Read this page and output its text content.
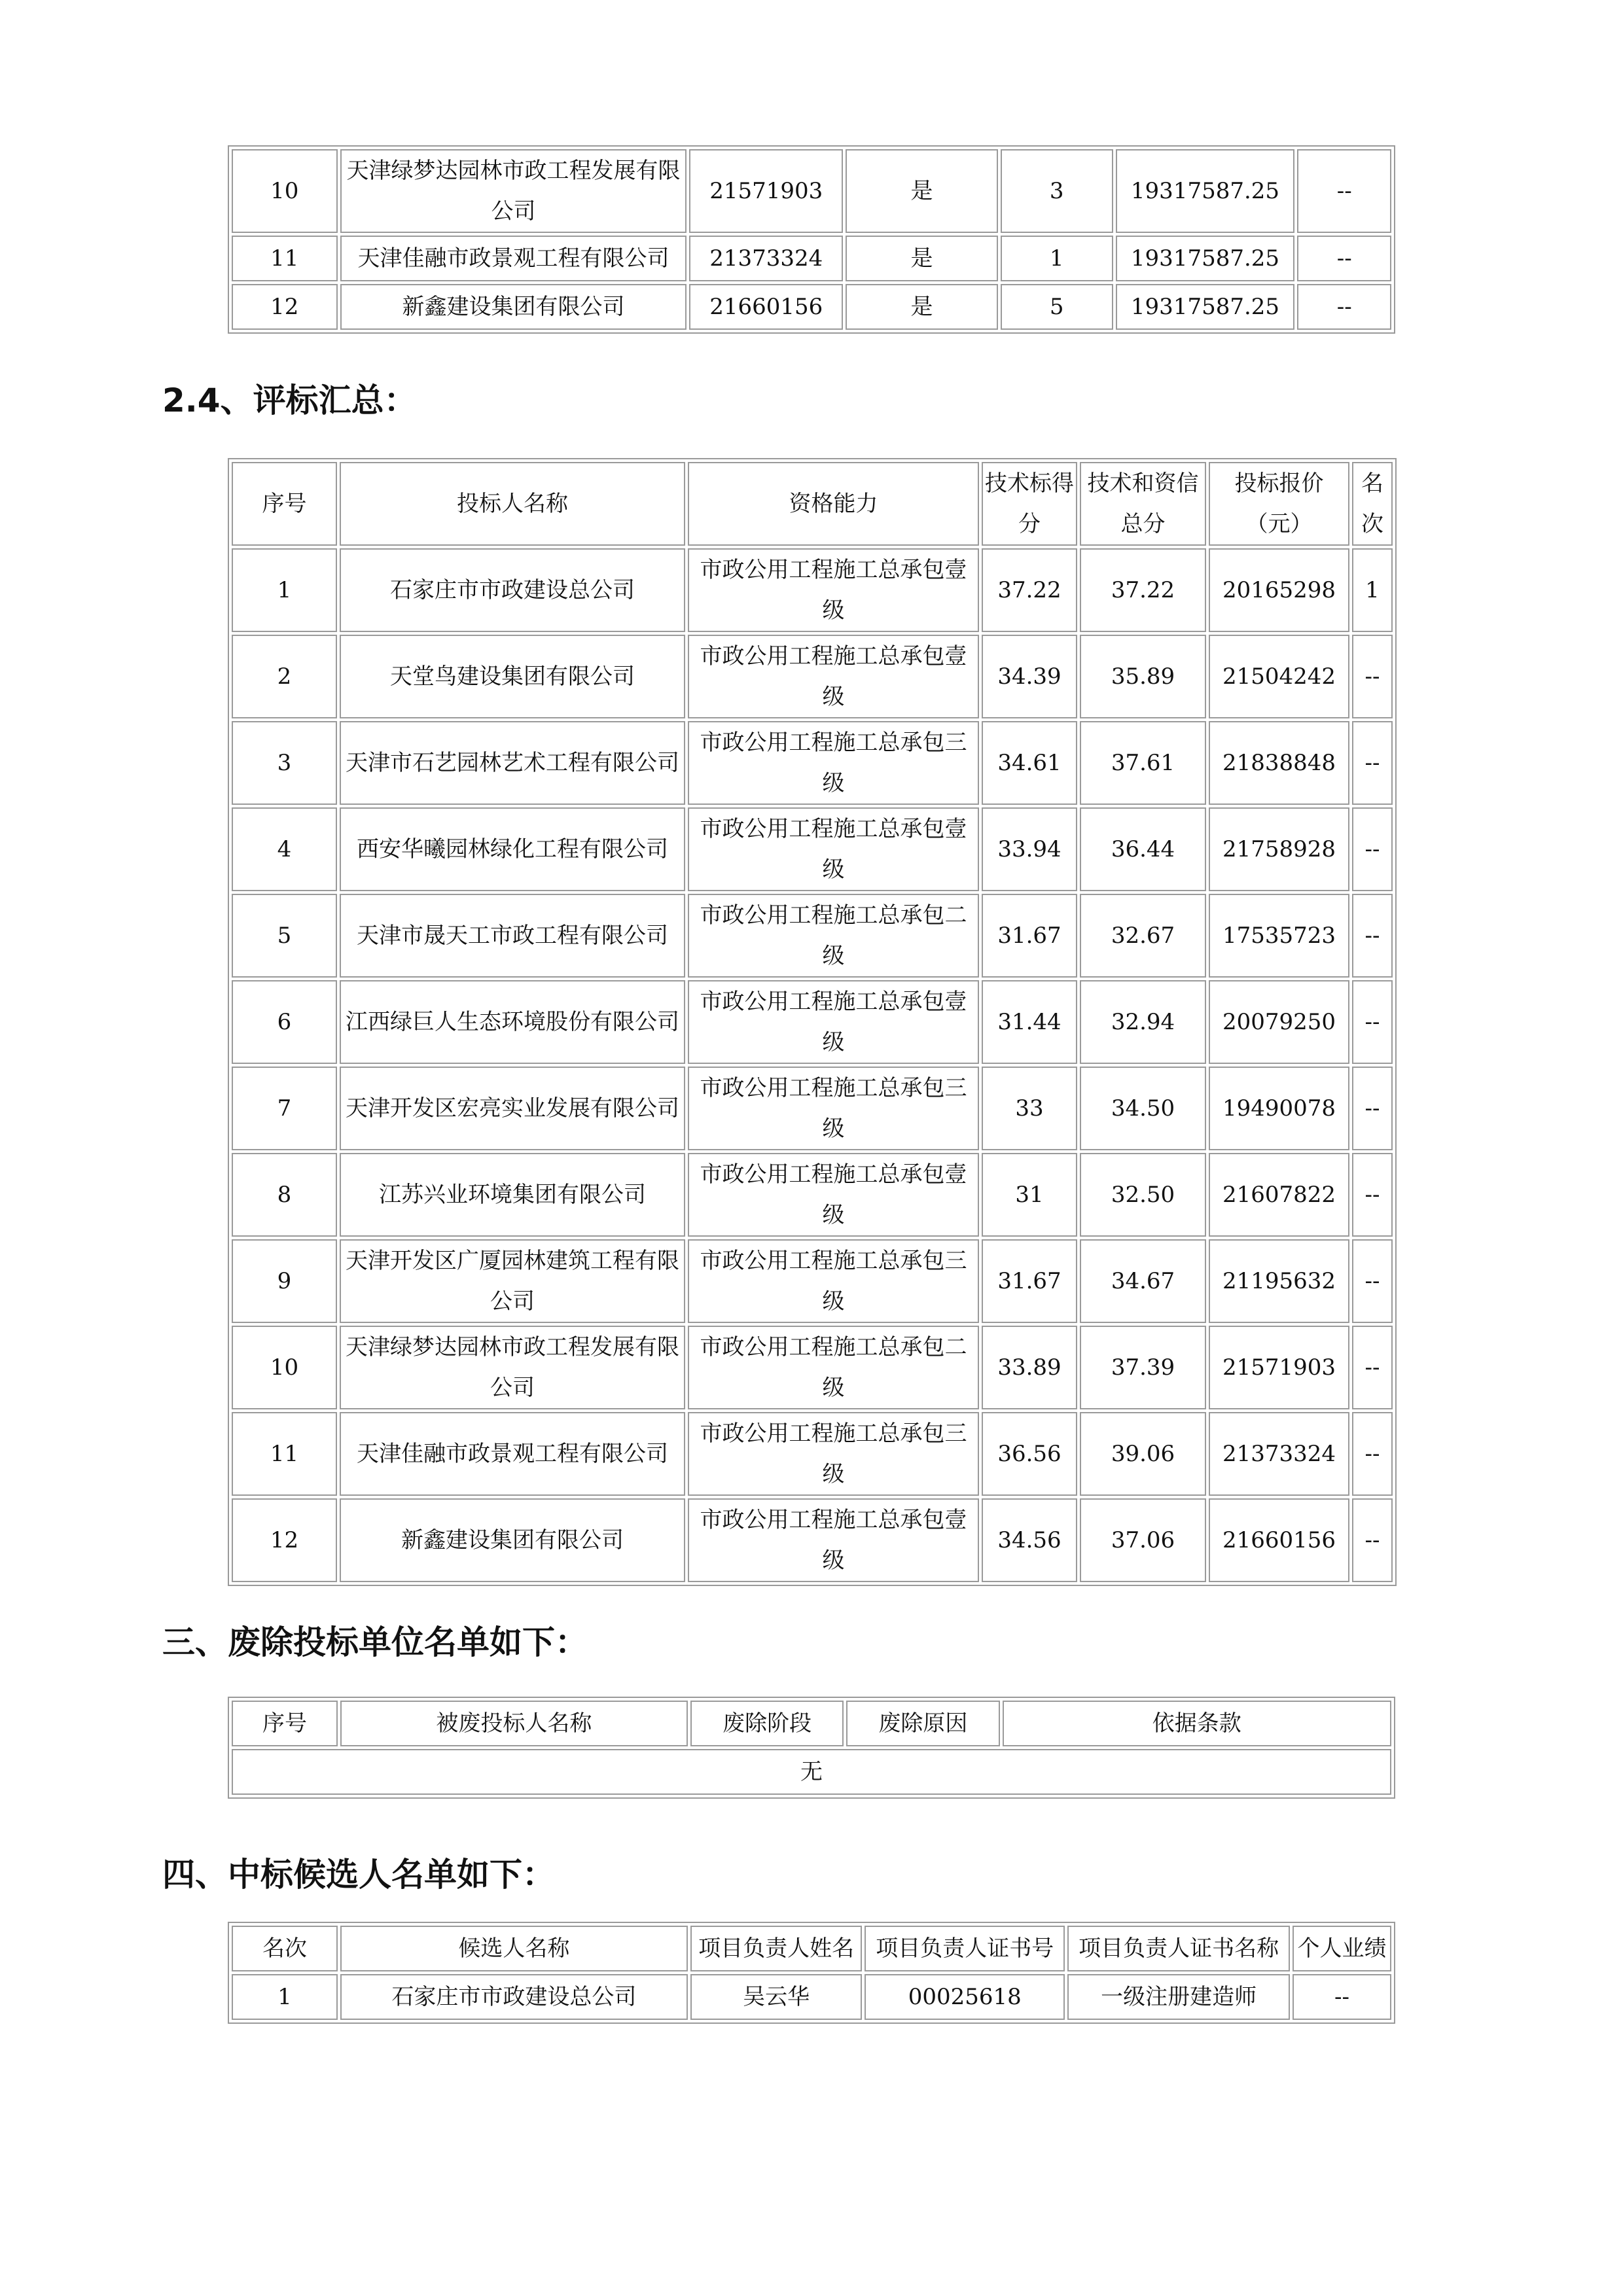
10	天津绿梦达园林市政工程发展有限公司	21571903	是	3	19317587.25	--
11	天津佳融市政景观工程有限公司	21373324	是	1	19317587.25	--
12	新鑫建设集团有限公司	21660156	是	5	19317587.25	--
2.4、评标汇总：
序号	投标人名称	资格能力	技术标得分	技术和资信总分	投标报价（元）	名次
1	石家庄市市政建设总公司	市政公用工程施工总承包壹级	37.22	37.22	20165298	1
2	天堂鸟建设集团有限公司	市政公用工程施工总承包壹级	34.39	35.89	21504242	--
3	天津市石艺园林艺术工程有限公司	市政公用工程施工总承包三级	34.61	37.61	21838848	--
4	西安华曦园林绿化工程有限公司	市政公用工程施工总承包壹级	33.94	36.44	21758928	--
5	天津市晟天工市政工程有限公司	市政公用工程施工总承包二级	31.67	32.67	17535723	--
6	江西绿巨人生态环境股份有限公司	市政公用工程施工总承包壹级	31.44	32.94	20079250	--
7	天津开发区宏亮实业发展有限公司	市政公用工程施工总承包三级	33	34.50	19490078	--
8	江苏兴业环境集团有限公司	市政公用工程施工总承包壹级	31	32.50	21607822	--
9	天津开发区广厦园林建筑工程有限公司	市政公用工程施工总承包三级	31.67	34.67	21195632	--
10	天津绿梦达园林市政工程发展有限公司	市政公用工程施工总承包二级	33.89	37.39	21571903	--
11	天津佳融市政景观工程有限公司	市政公用工程施工总承包三级	36.56	39.06	21373324	--
12	新鑫建设集团有限公司	市政公用工程施工总承包壹级	34.56	37.06	21660156	--
三、废除投标单位名单如下：
序号	被废投标人名称	废除阶段	废除原因	依据条款
无
四、中标候选人名单如下：
名次	候选人名称	项目负责人姓名	项目负责人证书号	项目负责人证书名称	个人业绩
1	石家庄市市政建设总公司	吴云华	00025618	一级注册建造师	--
